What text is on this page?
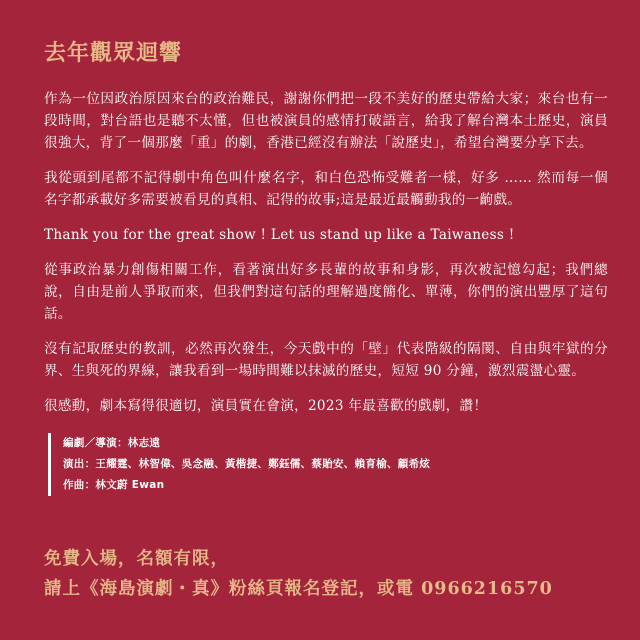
去年觀眾迴響

作為一位因政治原因來台的政治難民，謝謝你們把一段不美好的歷史帶給大家；來台也有一段時間，對台語也是聽不太懂，但也被演員的感情打破語言，給我了解台灣本土歷史，演員很強大，背了一個那麼「重」的劇，香港已經沒有辦法「說歷史」，希望台灣要分享下去。

我從頭到尾都不記得劇中角色叫什麼名字，和白色恐怖受難者一樣，好多 …… 然而每一個名字都承載好多需要被看見的真相、記得的故事;這是最近最觸動我的一齣戲。

Thank you for the great show ! Let us stand up like a Taiwaness !

從事政治暴力創傷相關工作，看著演出好多長輩的故事和身影，再次被記憶勾起；我們總說，自由是前人爭取而來，但我們對這句話的理解過度簡化、單薄，你們的演出豐厚了這句話。

沒有記取歷史的教訓，必然再次發生，今天戲中的「壁」代表階級的隔閡、自由與牢獄的分界、生與死的界線，讓我看到一場時間難以抹滅的歷史，短短 90 分鐘，激烈震盪心靈。

很感動，劇本寫得很適切，演員實在會演，2023 年最喜歡的戲劇，讚！

編劇／導演：林志遠
演出：王耀霆、林智偉、吳念融、黃楷捷、鄭鈺儒、蔡貽安、賴育榆、顧希炫
作曲：林文蔚 Ewan
免費入場，名額有限，
請上《海島演劇・真》粉絲頁報名登記，或電 0966216570
